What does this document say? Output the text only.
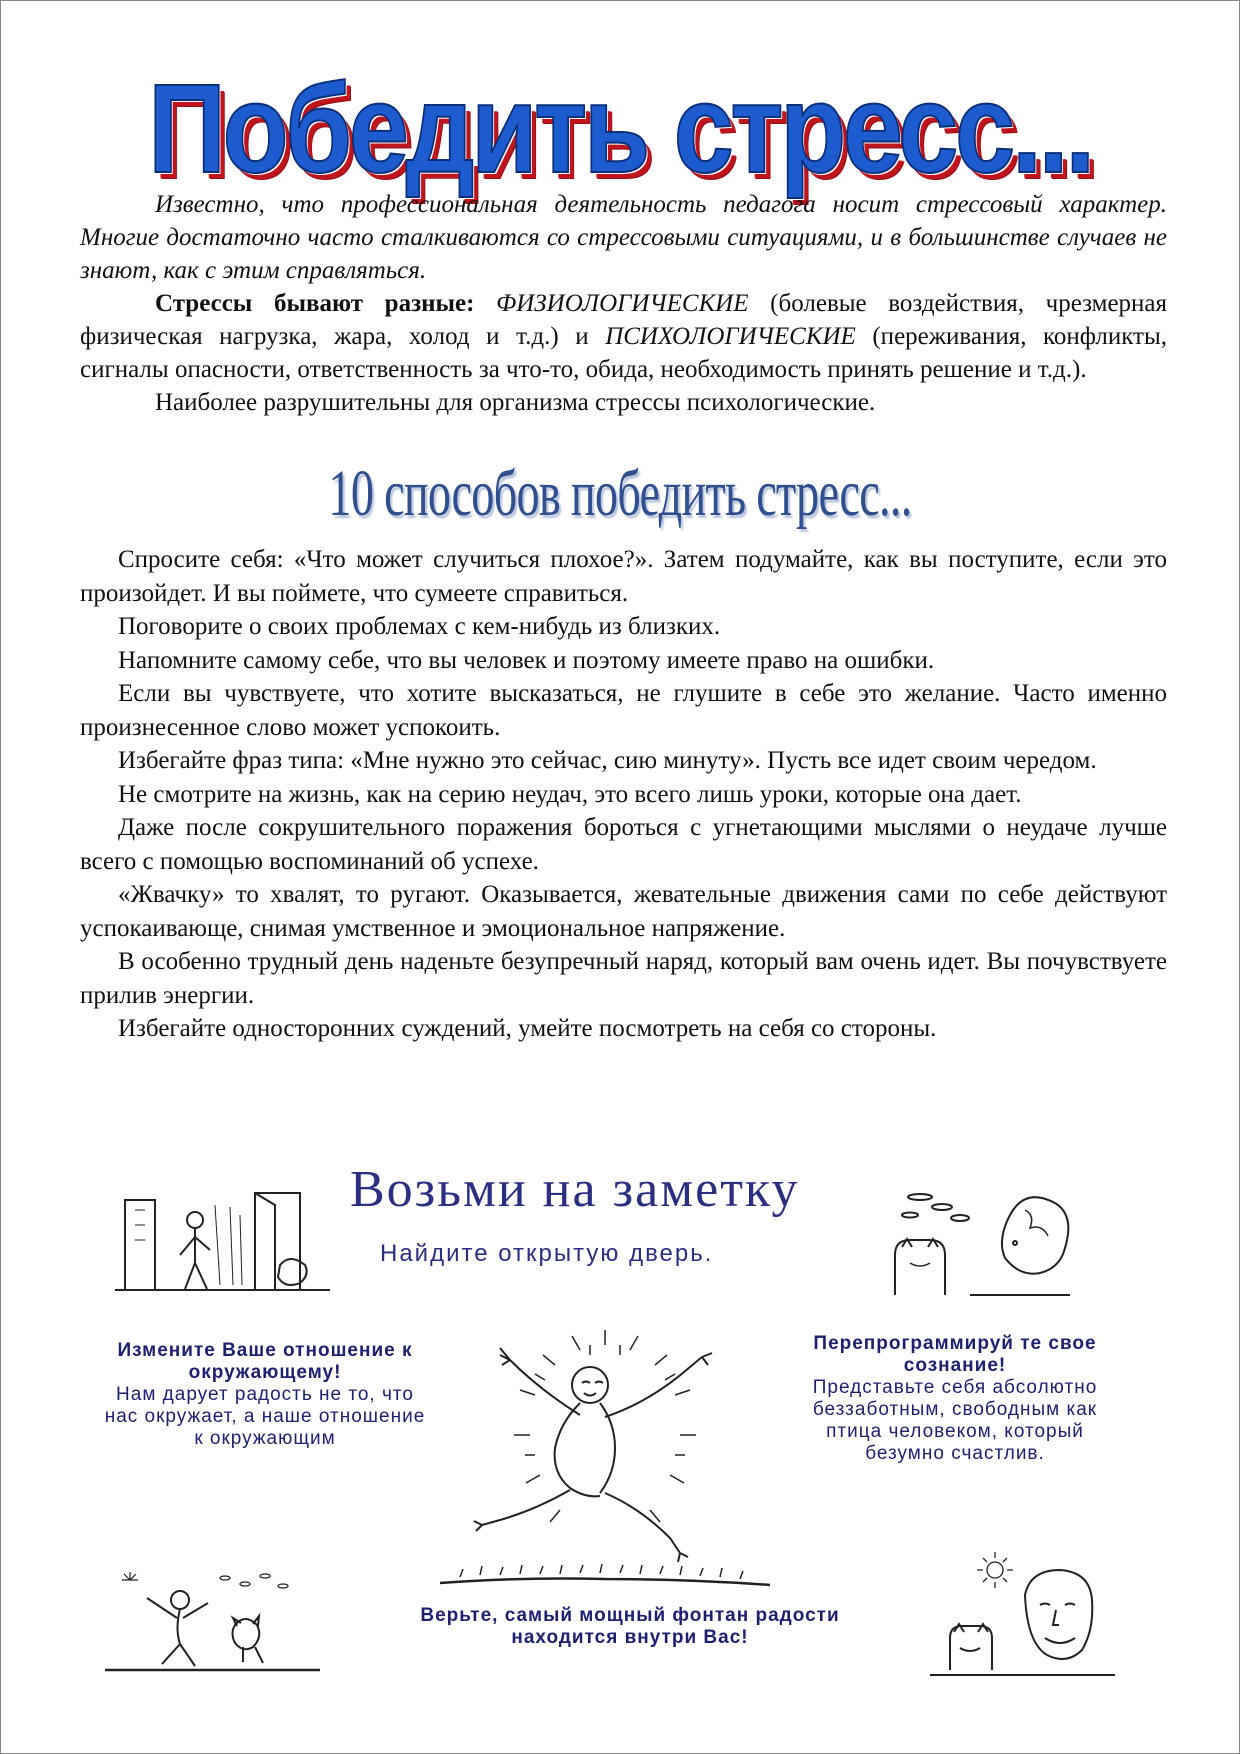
Победить стресс...

Известно, что профессиональная деятельность педагога носит стрессовый характер. Многие достаточно часто сталкиваются со стрессовыми ситуациями, и в большинстве случаев не знают, как с этим справляться.

Стрессы бывают разные: ФИЗИОЛОГИЧЕСКИЕ (болевые воздействия, чрезмерная физическая нагрузка, жара, холод и т.д.) и ПСИХОЛОГИЧЕСКИЕ (переживания, конфликты, сигналы опасности, ответственность за что-то, обида, необходимость принять решение и т.д.).

Наиболее разрушительны для организма стрессы психологические.

10 способов победить стресс...

Спросите себя: «Что может случиться плохое?». Затем подумайте, как вы поступите, если это произойдет. И вы поймете, что сумеете справиться.

Поговорите о своих проблемах с кем-нибудь из близких.

Напомните самому себе, что вы человек и поэтому имеете право на ошибки.

Если вы чувствуете, что хотите высказаться, не глушите в себе это желание. Часто именно произнесенное слово может успокоить.

Избегайте фраз типа: «Мне нужно это сейчас, сию минуту». Пусть все идет своим чередом.

Не смотрите на жизнь, как на серию неудач, это всего лишь уроки, которые она дает.

Даже после сокрушительного поражения бороться с угнетающими мыслями о неудаче лучше всего с помощью воспоминаний об успехе.

«Жвачку» то хвалят, то ругают. Оказывается, жевательные движения сами по себе действуют успокаивающе, снимая умственное и эмоциональное напряжение.

В особенно трудный день наденьте безупречный наряд, который вам очень идет. Вы почувствуете прилив энергии.

Избегайте односторонних суждений, умейте посмотреть на себя со стороны.

Возьми на заметку
Найдите открытую дверь.
Измените Ваше отношение к окружающему!
Нам дарует радость не то, что нас окружает, а наше отношение к окружающим
Перепрограммируй те свое сознание!
Представьте себя абсолютно беззаботным, свободным как птица человеком, который безумно счастлив.
Верьте, самый мощный фонтан радости находится внутри Вас!
